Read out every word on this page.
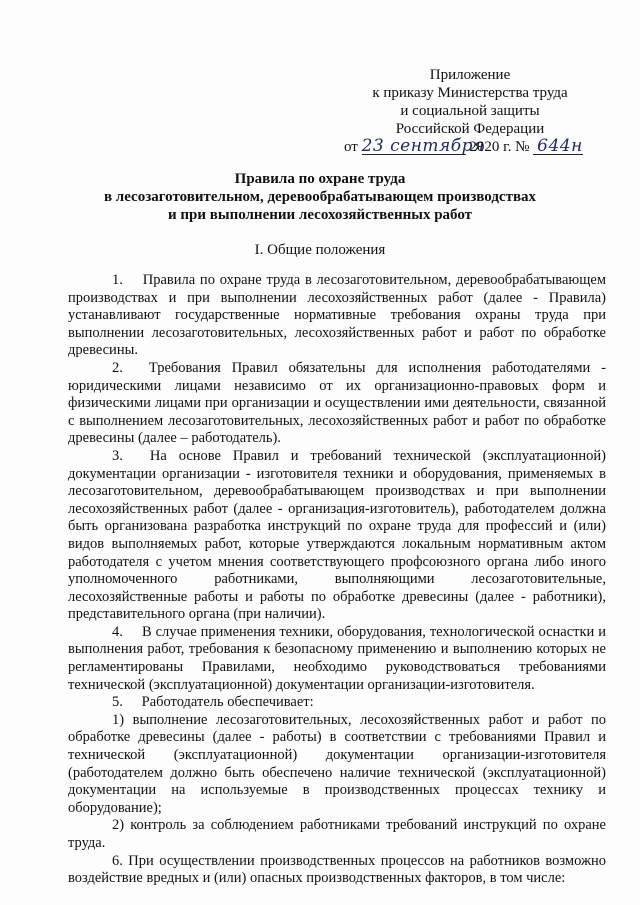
Приложение
к приказу Министерства труда
и социальной защиты
Российской Федерации
от 23 сентября 2020 г. № 644н
Правила по охране труда
в лесозаготовительном, деревообрабатывающем производствах
и при выполнении лесохозяйственных работ
I. Общие положения

1. Правила по охране труда в лесозаготовительном, деревообрабатывающем производствах и при выполнении лесохозяйственных работ (далее - Правила) устанавливают государственные нормативные требования охраны труда при выполнении лесозаготовительных, лесохозяйственных работ и работ по обработке древесины.

2. Требования Правил обязательны для исполнения работодателями - юридическими лицами независимо от их организационно-правовых форм и физическими лицами при организации и осуществлении ими деятельности, связанной с выполнением лесозаготовительных, лесохозяйственных работ и работ по обработке древесины (далее – работодатель).

3. На основе Правил и требований технической (эксплуатационной) документации организации - изготовителя техники и оборудования, применяемых в лесозаготовительном, деревообрабатывающем производствах и при выполнении лесохозяйственных работ (далее - организация-изготовитель), работодателем должна быть организована разработка инструкций по охране труда для профессий и (или) видов выполняемых работ, которые утверждаются локальным нормативным актом работодателя с учетом мнения соответствующего профсоюзного органа либо иного уполномоченного работниками, выполняющими лесозаготовительные, лесохозяйственные работы и работы по обработке древесины (далее - работники), представительного органа (при наличии).

4. В случае применения техники, оборудования, технологической оснастки и выполнения работ, требования к безопасному применению и выполнению которых не регламентированы Правилами, необходимо руководствоваться требованиями технической (эксплуатационной) документации организации-изготовителя.

5. Работодатель обеспечивает:

1) выполнение лесозаготовительных, лесохозяйственных работ и работ по обработке древесины (далее - работы) в соответствии с требованиями Правил и технической (эксплуатационной) документации организации-изготовителя (работодателем должно быть обеспечено наличие технической (эксплуатационной) документации на используемые в производственных процессах технику и оборудование);

2) контроль за соблюдением работниками требований инструкций по охране труда.

6. При осуществлении производственных процессов на работников возможно воздействие вредных и (или) опасных производственных факторов, в том числе:
